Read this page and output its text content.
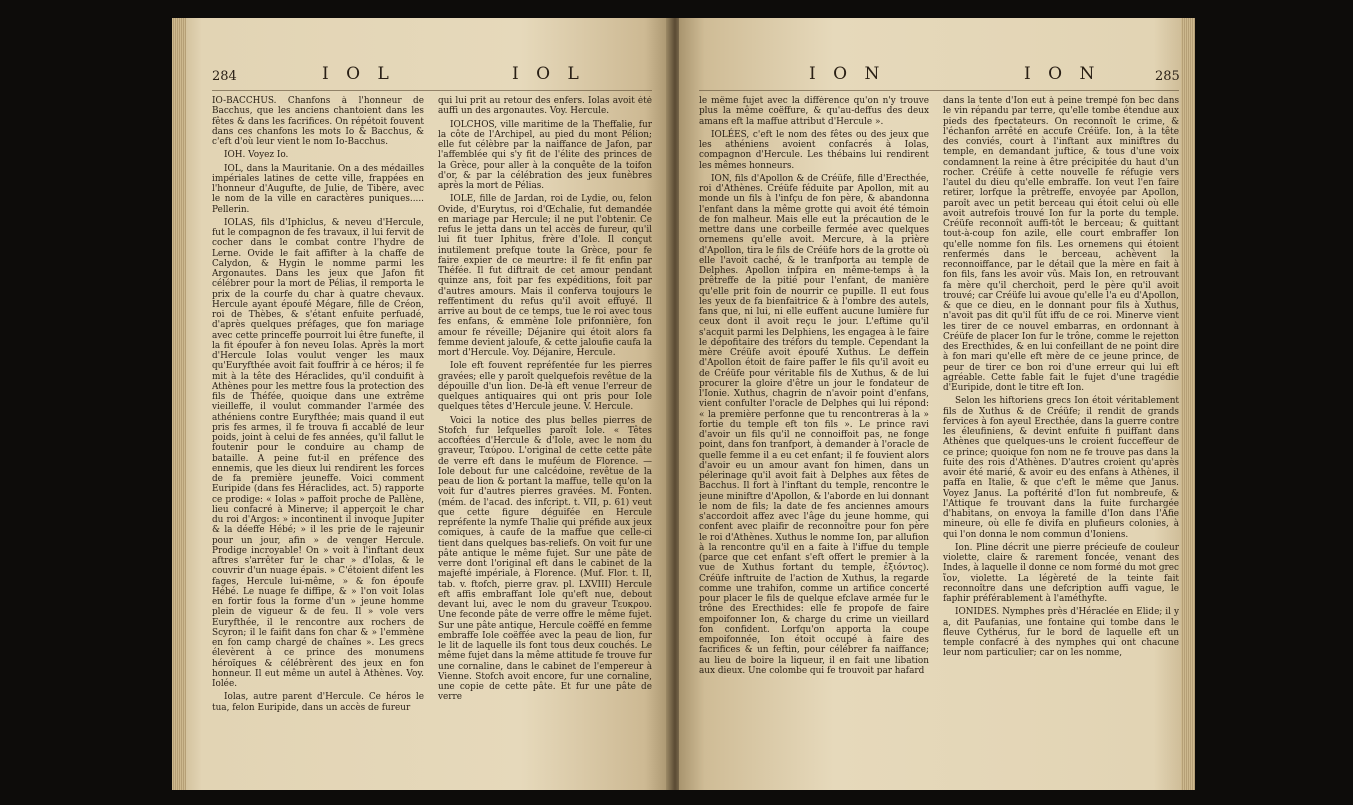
284	I O L	I O L

IO-BACCHUS. Chanfons à l'honneur de Bacchus, que les anciens chantoient dans les fêtes & dans les facrifices. On répétoit fouvent dans ces chanfons les mots Io & Bacchus, & c'eft d'où leur vient le nom Io-Bacchus.

IOH. Voyez Io.

IOL, dans la Mauritanie. On a des médailles impériales latines de cette ville, frappées en l'honneur d'Augufte, de Julie, de Tibère, avec le nom de la ville en caractères puniques..... Pellerin.

IOLAS, fils d'Iphiclus, & neveu d'Hercule, fut le compagnon de fes travaux, il lui fervit de cocher dans le combat contre l'hydre de Lerne. Ovide le fait affifter à la chaffe de Calydon, & Hygin le nomme parmi les Argonautes. Dans les jeux que Jafon fit célébrer pour la mort de Pélias, il remporta le prix de la courfe du char à quatre chevaux. Hercule ayant époufé Mégare, fille de Créon, roi de Thèbes, & s'étant enfuite perfuadé, d'après quelques préfages, que fon mariage avec cette princeffe pourroit lui être funefte, il la fit époufer à fon neveu Iolas. Après la mort d'Hercule Iolas voulut venger les maux qu'Euryfthée avoit fait fouffrir à ce héros; il fe mit à la tête des Héraclides, qu'il conduifit à Athènes pour les mettre fous la protection des fils de Théfée, quoique dans une extrême vieilleffe, il voulut commander l'armée des athéniens contre Euryfthée; mais quand il eut pris fes armes, il fe trouva fi accablé de leur poids, joint à celui de fes années, qu'il fallut le foutenir pour le conduire au champ de bataille. A peine fut-il en préfence des ennemis, que les dieux lui rendirent les forces de fa première jeuneffe. Voici comment Euripide (dans fes Héraclides, act. 5) rapporte ce prodige: « Iolas » paffoit proche de Pallène, lieu confacré à Minerve; il apperçoit le char du roi d'Argos: » incontinent il invoque Jupiter & la déeffe Hébé; » il les prie de le rajeunir pour un jour, afin » de venger Hercule. Prodige incroyable! On » voit à l'inftant deux aftres s'arrêter fur le char » d'Iolas, & le couvrir d'un nuage épais. » C'étoient difent les fages, Hercule lui-même, » & fon époufe Hébé. Le nuage fe diffipe, & » l'on voit Iolas en fortir fous la forme d'un » jeune homme plein de vigueur & de feu. Il » vole vers Euryfthée, il le rencontre aux rochers de Scyron; il le faifit dans fon char & » l'emmène en fon camp chargé de chaînes ». Les grecs élevèrent à ce prince des monumens héroïques & célébrèrent des jeux en fon honneur. Il eut même un autel à Athènes. Voy. Iolée.

Iolas, autre parent d'Hercule. Ce héros le tua, felon Euripide, dans un accès de fureur

qui lui prit au retour des enfers. Iolas avoit été auffi un des argonautes. Voy. Hercule.

IOLCHOS, ville maritime de la Theffalie, fur la côte de l'Archipel, au pied du mont Pélion; elle fut célèbre par la naiffance de Jafon, par l'affemblée qui s'y fit de l'élite des princes de la Grèce, pour aller à la conquête de la toifon d'or, & par la célébration des jeux funèbres après la mort de Pélias.

IOLE, fille de Jardan, roi de Lydie, ou, felon Ovide, d'Eurytus, roi d'Œchalie, fut demandée en mariage par Hercule; il ne put l'obtenir. Ce refus le jetta dans un tel accès de fureur, qu'il lui fit tuer Iphitus, frère d'Iole. Il conçut inutilement prefque toute la Grèce, pour fe faire expier de ce meurtre: il fe fit enfin par Théfée. Il fut diftrait de cet amour pendant quinze ans, foit par fes expéditions, foit par d'autres amours. Mais il conferva toujours le reffentiment du refus qu'il avoit effuyé. Il arrive au bout de ce temps, tue le roi avec tous fes enfans, & emmène Iole prifonnière, fon amour fe réveille; Déjanire qui étoit alors fa femme devient jaloufe, & cette jaloufie caufa la mort d'Hercule. Voy. Déjanire, Hercule.

Iole eft fouvent repréfentée fur les pierres gravées; elle y paroît quelquefois revêtue de la dépouille d'un lion. De-là eft venue l'erreur de quelques antiquaires qui ont pris pour Iole quelques têtes d'Hercule jeune. V. Hercule.

Voici la notice des plus belles pierres de Stofch fur lefquelles paroît Iole. « Têtes accoftées d'Hercule & d'Iole, avec le nom du graveur, Ταύρου. L'original de cette cette pâte de verre eft dans le muféum de Florence. — Iole debout fur une calcédoine, revêtue de la peau de lion & portant la maffue, telle qu'on la voit fur d'autres pierres gravées. M. Fonten. (mém. de l'acad. des infcript. t. VII, p. 61) veut que cette figure déguifée en Hercule repréfente la nymfe Thalie qui préfide aux jeux comiques, à caufe de la maffue que celle-ci tient dans quelques bas-reliefs. On voit fur une pâte antique le même fujet. Sur une pâte de verre dont l'original eft dans le cabinet de la majefté impériale, à Florence. (Muf. Flor. t. II, tab. v. ftofch, pierre grav. pl. LXVIII) Hercule eft affis embraffant Iole qu'eft nue, debout devant lui, avec le nom du graveur Τευκρου. Une feconde pâte de verre offre le même fujet. Sur une pâte antique, Hercule coëffé en femme embraffe Iole coëffée avec la peau de lion, fur le lit de laquelle ils font tous deux couchés. Le même fujet dans la même attitude fe trouve fur une cornaline, dans le cabinet de l'empereur à Vienne. Stofch avoit encore, fur une cornaline, une copie de cette pâte. Et fur une pâte de verre

I O N	I O N	285

le même fujet avec la différence qu'on n'y trouve plus la même coëffure, & qu'au-deffus des deux amans eft la maffue attribut d'Hercule ».

IOLÉES, c'eft le nom des fêtes ou des jeux que les athéniens avoient confacrés à Iolas, compagnon d'Hercule. Les thébains lui rendirent les mêmes honneurs.

ION, fils d'Apollon & de Créüfe, fille d'Erecthée, roi d'Athènes. Créüfe féduite par Apollon, mit au monde un fils à l'infçu de fon père, & abandonna l'enfant dans la même grotte qui avoit été témoin de fon malheur. Mais elle eut la précaution de le mettre dans une corbeille fermée avec quelques ornemens qu'elle avoit. Mercure, à la prière d'Apollon, tira le fils de Créüfe hors de la grotte où elle l'avoit caché, & le tranfporta au temple de Delphes. Apollon infpira en même-temps à la prêtreffe de la pitié pour l'enfant, de manière qu'elle prit foin de nourrir ce pupille. Il eut fous les yeux de fa bienfaitrice & à l'ombre des autels, fans que, ni lui, ni elle euffent aucune lumière fur ceux dont il avoit reçu le jour. L'eftime qu'il s'acquit parmi les Delphiens, les engagea à le faire le dépofitaire des tréfors du temple. Cependant la mère Créüfe avoit époufé Xuthus. Le deffein d'Apollon étoit de faire paffer le fils qu'il avoit eu de Créüfe pour véritable fils de Xuthus, & de lui procurer la gloire d'être un jour le fondateur de l'Ionie. Xuthus, chagrin de n'avoir point d'enfans, vient confulter l'oracle de Delphes qui lui répond: « la première perfonne que tu rencontreras à la » fortie du temple eft ton fils ». Le prince ravi d'avoir un fils qu'il ne connoiffoit pas, ne fonge point, dans fon tranfport, à demander à l'oracle de quelle femme il a eu cet enfant; il fe fouvient alors d'avoir eu un amour avant fon himen, dans un pélerinage qu'il avoit fait à Delphes aux fêtes de Bacchus. Il fort à l'inftant du temple, rencontre le jeune miniftre d'Apollon, & l'aborde en lui donnant le nom de fils; la date de fes anciennes amours s'accordoit affez avec l'âge du jeune homme, qui confent avec plaifir de reconnoître pour fon père le roi d'Athènes. Xuthus le nomme Ion, par allufion à la rencontre qu'il en a faite à l'iffue du temple (parce que cet enfant s'eft offert le premier à la vue de Xuthus fortant du temple, ἐξιόντος). Créüfe inftruite de l'action de Xuthus, la regarde comme une trahifon, comme un artifice concerté pour placer le fils de quelque efclave armée fur le trône des Erecthides: elle fe propofe de faire empoifonner Ion, & charge du crime un vieillard fon confident. Lorfqu'on apporta la coupe empoifonnée, Ion étoit occupé à faire des facrifices & un feftin, pour célébrer fa naiffance; au lieu de boire la liqueur, il en fait une libation aux dieux. Une colombe qui fe trouvoit par hafard

dans la tente d'Ion eut à peine trempé fon bec dans le vin répandu par terre, qu'elle tombe étendue aux pieds des fpectateurs. On reconnoît le crime, & l'échanfon arrêté en accufe Créüfe. Ion, à la tête des conviés, court à l'inftant aux miniftres du temple, en demandant juftice, & tous d'une voix condamnent la reine à être précipitée du haut d'un rocher. Créüfe à cette nouvelle fe réfugie vers l'autel du dieu qu'elle embraffe. Ion veut l'en faire retirer, lorfque la prêtreffe, envoyée par Apollon, paroît avec un petit berceau qui étoit celui où elle avoit autrefois trouvé Ion fur la porte du temple. Créüfe reconnoît auffi-tôt le berceau; & quittant tout-à-coup fon azile, elle court embraffer Ion qu'elle nomme fon fils. Les ornemens qui étoient renfermés dans le berceau, achèvent la reconnoiffance, par le détail que la mère en fait à fon fils, fans les avoir vûs. Mais Ion, en retrouvant fa mère qu'il cherchoit, perd le père qu'il avoit trouvé; car Créüfe lui avoue qu'elle l'a eu d'Apollon, & que ce dieu, en le donnant pour fils à Xuthus, n'avoit pas dit qu'il fût iffu de ce roi. Minerve vient les tirer de ce nouvel embarras, en ordonnant à Créüfe de placer Ion fur le trône, comme le rejetton des Erecthides, & en lui confeillant de ne point dire à fon mari qu'elle eft mère de ce jeune prince, de peur de tirer ce bon roi d'une erreur qui lui eft agréable. Cette fable fait le fujet d'une tragédie d'Euripide, dont le titre eft Ion.

Selon les hiftoriens grecs Ion étoit véritablement fils de Xuthus & de Créüfe; il rendit de grands fervices à fon ayeul Erecthée, dans la guerre contre les éleufiniens, & devint enfuite fi puiffant dans Athènes que quelques-uns le croient fucceffeur de ce prince; quoique fon nom ne fe trouve pas dans la fuite des rois d'Athènes. D'autres croient qu'après avoir été marié, & avoir eu des enfans à Athènes, il paffa en Italie, & que c'eft le même que Janus. Voyez Janus. La poftérité d'Ion fut nombreufe, & l'Attique fe trouvant dans la fuite furchargée d'habitans, on envoya la famille d'Ion dans l'Afie mineure, où elle fe divifa en plufieurs colonies, à qui l'on donna le nom commun d'Ioniens.

Ion. Pline décrit une pierre précieufe de couleur violette, claire & rarement foncée, venant des Indes, à laquelle il donne ce nom formé du mot grec ἴον, violette. La légèreté de la teinte fait reconnoître dans une defcription auffi vague, le faphir préférablement à l'améthyfte.

IONIDES. Nymphes près d'Héraclée en Elide; il y a, dit Paufanias, une fontaine qui tombe dans le fleuve Cythérus, fur le bord de laquelle eft un temple confacré à des nymphes qui ont chacune leur nom particulier; car on les nomme,
